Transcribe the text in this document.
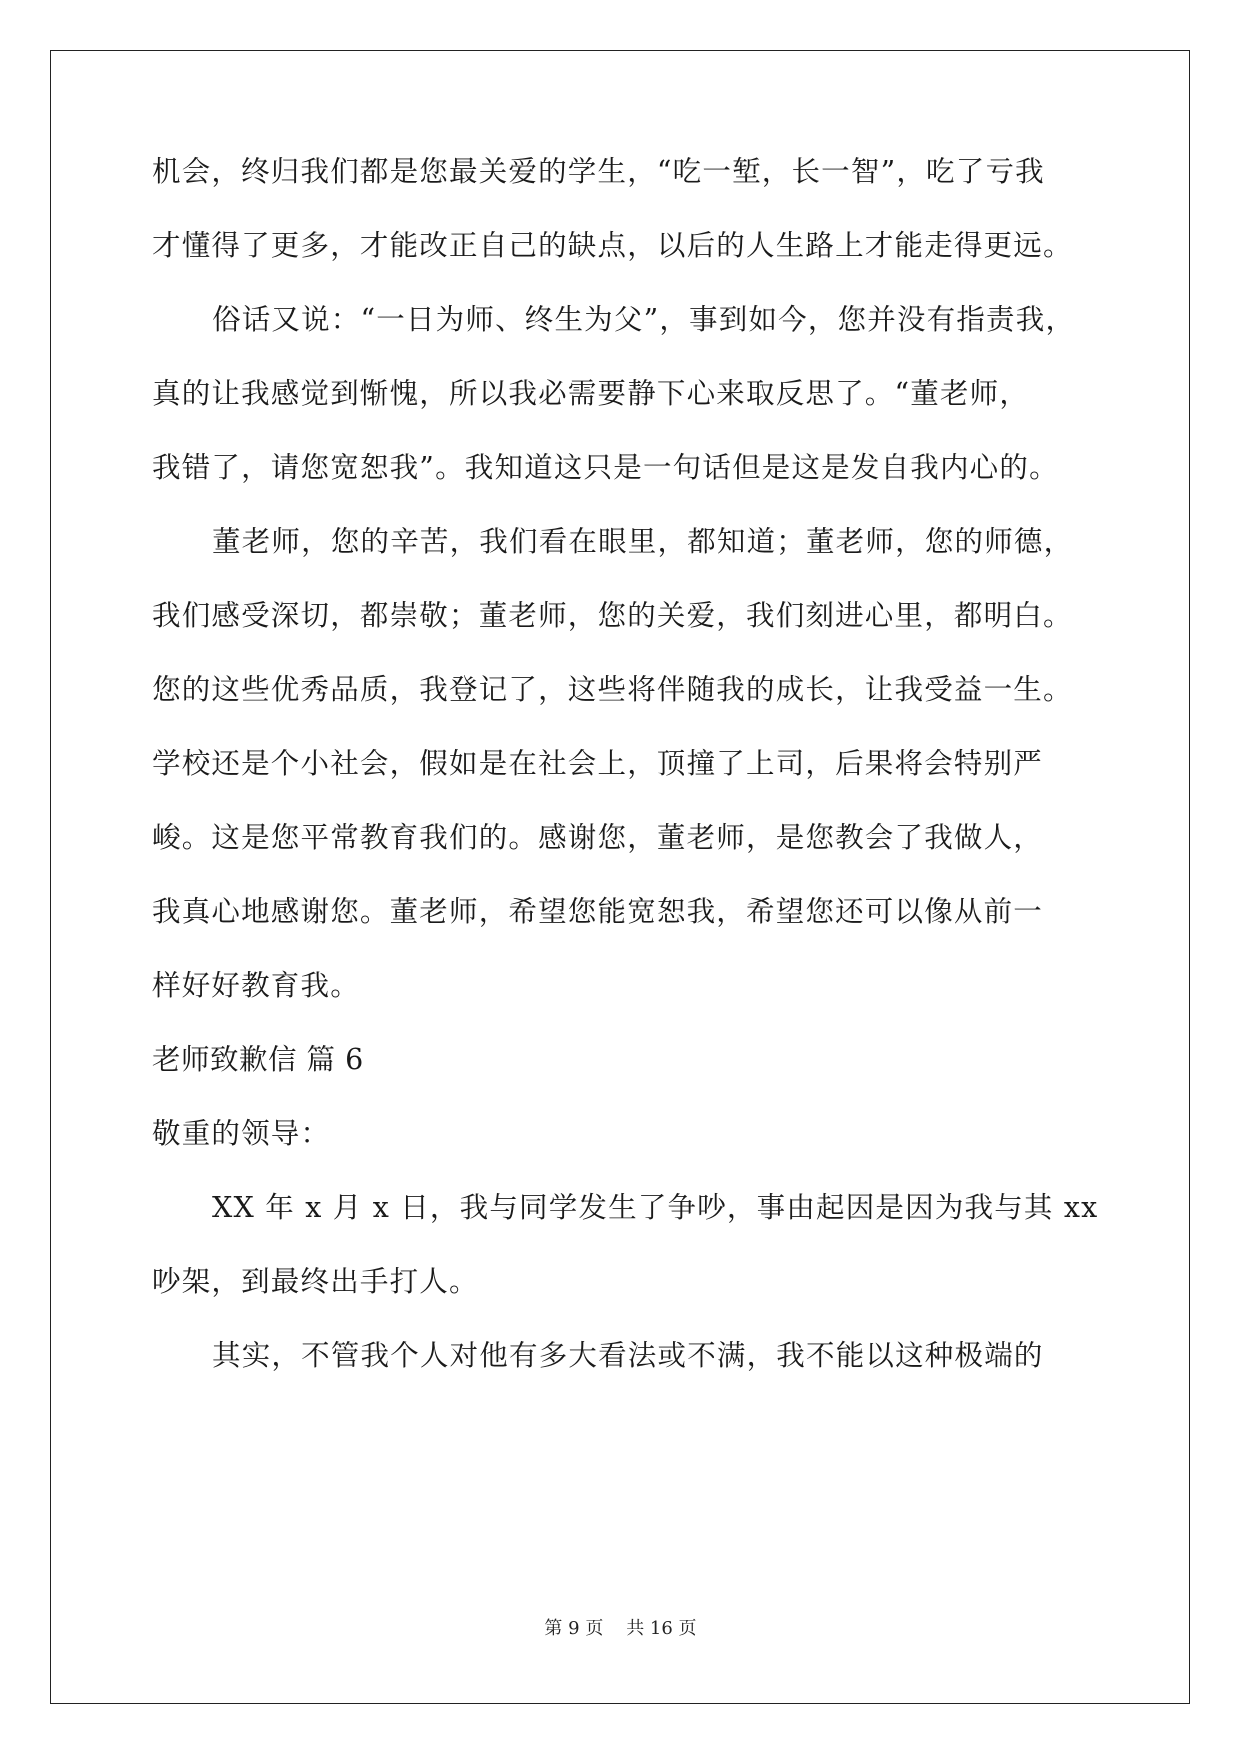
机会，终归我们都是您最关爱的学生，“吃一堑，长一智”，吃了亏我
才懂得了更多，才能改正自己的缺点，以后的人生路上才能走得更远。
俗话又说：“一日为师、终生为父”，事到如今，您并没有指责我，
真的让我感觉到惭愧，所以我必需要静下心来取反思了。“董老师，
我错了，请您宽恕我”。我知道这只是一句话但是这是发自我内心的。
董老师，您的辛苦，我们看在眼里，都知道；董老师，您的师德，
我们感受深切，都崇敬；董老师，您的关爱，我们刻进心里，都明白。
您的这些优秀品质，我登记了，这些将伴随我的成长，让我受益一生。
学校还是个小社会，假如是在社会上，顶撞了上司，后果将会特别严
峻。这是您平常教育我们的。感谢您，董老师，是您教会了我做人，
我真心地感谢您。董老师，希望您能宽恕我，希望您还可以像从前一
样好好教育我。
老师致歉信 篇 6
敬重的领导：
XX 年 x 月 x 日，我与同学发生了争吵，事由起因是因为我与其 xx
吵架，到最终出手打人。
其实，不管我个人对他有多大看法或不满，我不能以这种极端的
第 9 页    共 16 页
